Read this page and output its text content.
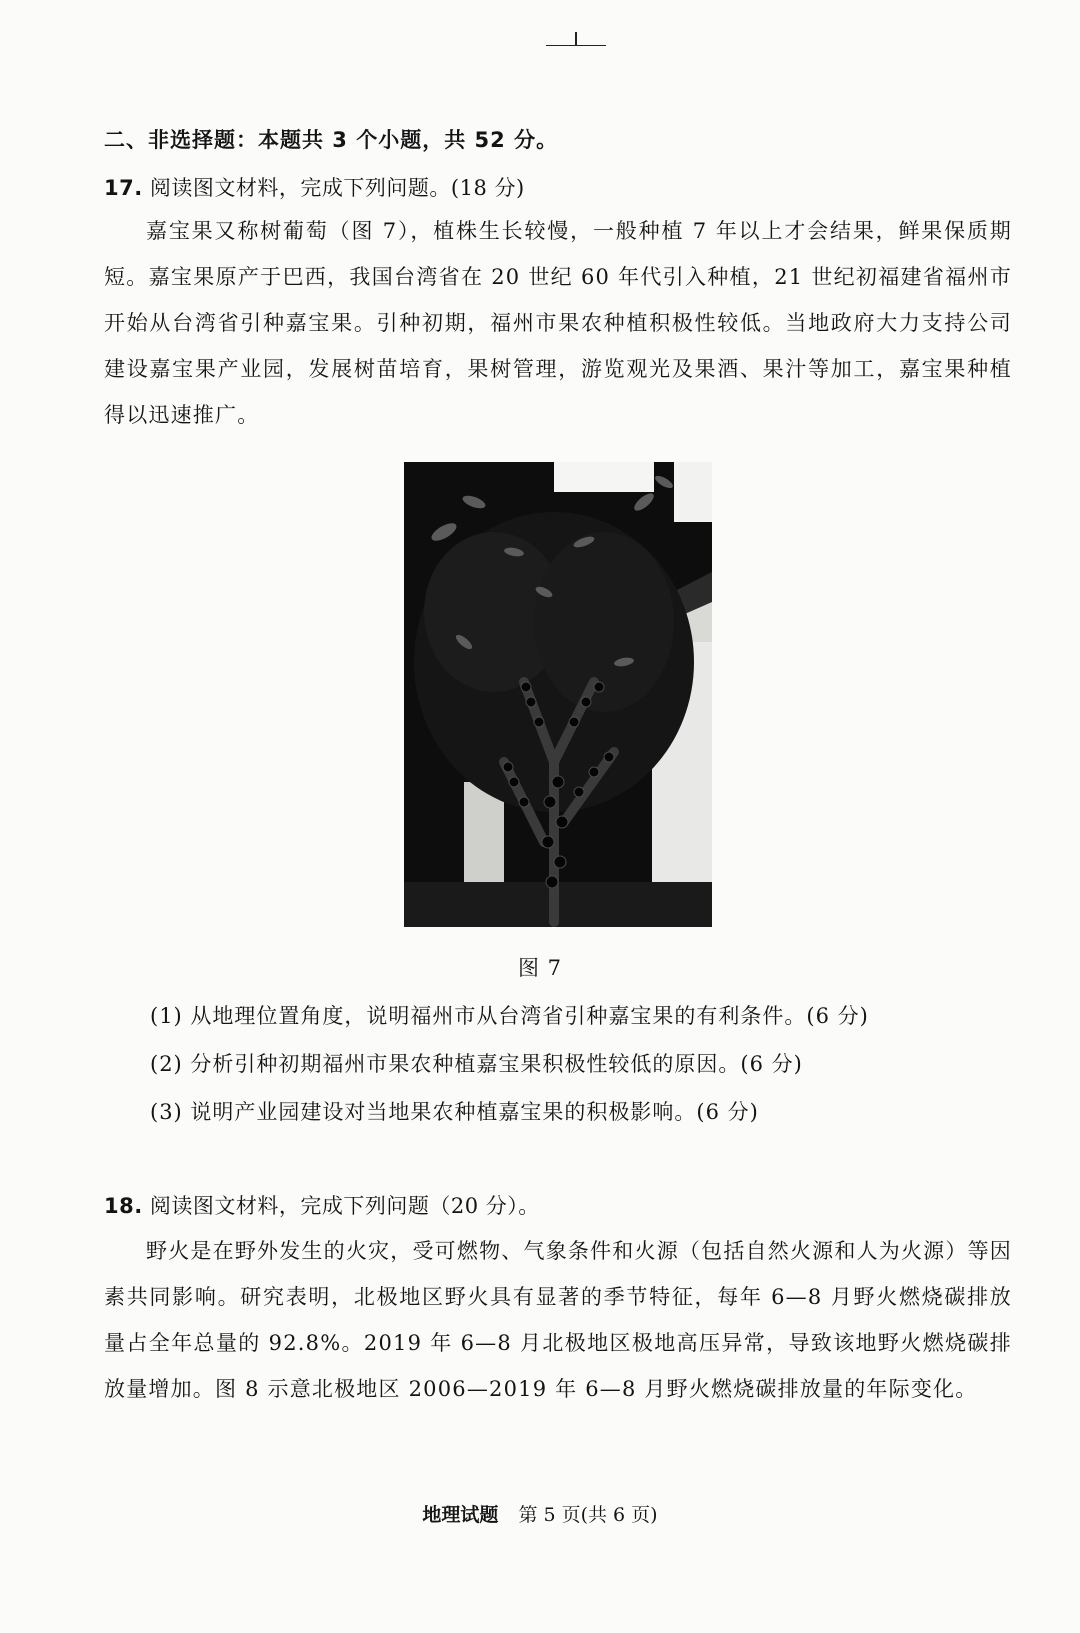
二、非选择题：本题共 3 个小题，共 52 分。
17. 阅读图文材料，完成下列问题。(18 分)

嘉宝果又称树葡萄（图 7），植株生长较慢，一般种植 7 年以上才会结果，鲜果保质期短。嘉宝果原产于巴西，我国台湾省在 20 世纪 60 年代引入种植，21 世纪初福建省福州市开始从台湾省引种嘉宝果。引种初期，福州市果农种植积极性较低。当地政府大力支持公司建设嘉宝果产业园，发展树苗培育，果树管理，游览观光及果酒、果汁等加工，嘉宝果种植得以迅速推广。

图 7
(1) 从地理位置角度，说明福州市从台湾省引种嘉宝果的有利条件。(6 分)
(2) 分析引种初期福州市果农种植嘉宝果积极性较低的原因。(6 分)
(3) 说明产业园建设对当地果农种植嘉宝果的积极影响。(6 分)
18. 阅读图文材料，完成下列问题（20 分）。

野火是在野外发生的火灾，受可燃物、气象条件和火源（包括自然火源和人为火源）等因素共同影响。研究表明，北极地区野火具有显著的季节特征，每年 6—8 月野火燃烧碳排放量占全年总量的 92.8%。2019 年 6—8 月北极地区极地高压异常，导致该地野火燃烧碳排放量增加。图 8 示意北极地区 2006—2019 年 6—8 月野火燃烧碳排放量的年际变化。

地理试题 第 5 页(共 6 页)
